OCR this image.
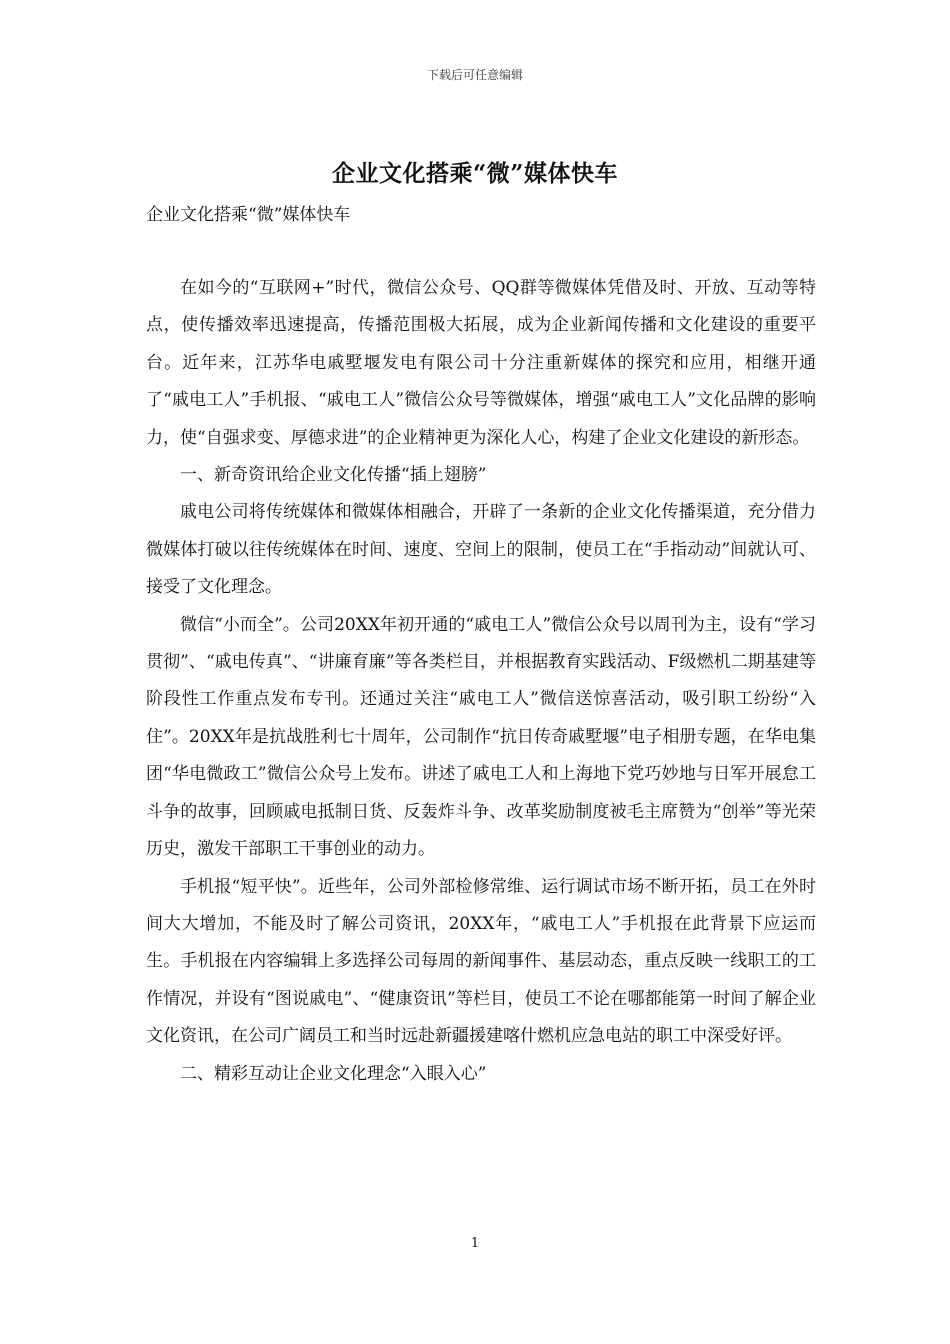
下载后可任意编辑
企业文化搭乘“微”媒体快车
企业文化搭乘“微”媒体快车

在如今的“互联网+”时代，微信公众号、QQ群等微媒体凭借及时、开放、互动等特点，使传播效率迅速提高，传播范围极大拓展，成为企业新闻传播和文化建设的重要平台。近年来，江苏华电戚墅堰发电有限公司十分注重新媒体的探究和应用，相继开通了“戚电工人”手机报、“戚电工人”微信公众号等微媒体，增强“戚电工人”文化品牌的影响力，使“自强求变、厚德求进”的企业精神更为深化人心，构建了企业文化建设的新形态。

一、新奇资讯给企业文化传播“插上翅膀”

戚电公司将传统媒体和微媒体相融合，开辟了一条新的企业文化传播渠道，充分借力微媒体打破以往传统媒体在时间、速度、空间上的限制，使员工在“手指动动”间就认可、接受了文化理念。

微信“小而全”。公司20XX年初开通的“戚电工人”微信公众号以周刊为主，设有“学习贯彻”、“戚电传真”、“讲廉育廉”等各类栏目，并根据教育实践活动、F级燃机二期基建等阶段性工作重点发布专刊。还通过关注“戚电工人”微信送惊喜活动，吸引职工纷纷“入住”。20XX年是抗战胜利七十周年，公司制作“抗日传奇戚墅堰”电子相册专题，在华电集团“华电微政工”微信公众号上发布。讲述了戚电工人和上海地下党巧妙地与日军开展怠工斗争的故事，回顾戚电抵制日货、反轰炸斗争、改革奖励制度被毛主席赞为“创举”等光荣历史，激发干部职工干事创业的动力。

手机报“短平快”。近些年，公司外部检修常维、运行调试市场不断开拓，员工在外时间大大增加，不能及时了解公司资讯，20XX年，“戚电工人”手机报在此背景下应运而生。手机报在内容编辑上多选择公司每周的新闻事件、基层动态，重点反映一线职工的工作情况，并设有“图说戚电”、“健康资讯”等栏目，使员工不论在哪都能第一时间了解企业文化资讯，在公司广阔员工和当时远赴新疆援建喀什燃机应急电站的职工中深受好评。

二、精彩互动让企业文化理念“入眼入心”

1
